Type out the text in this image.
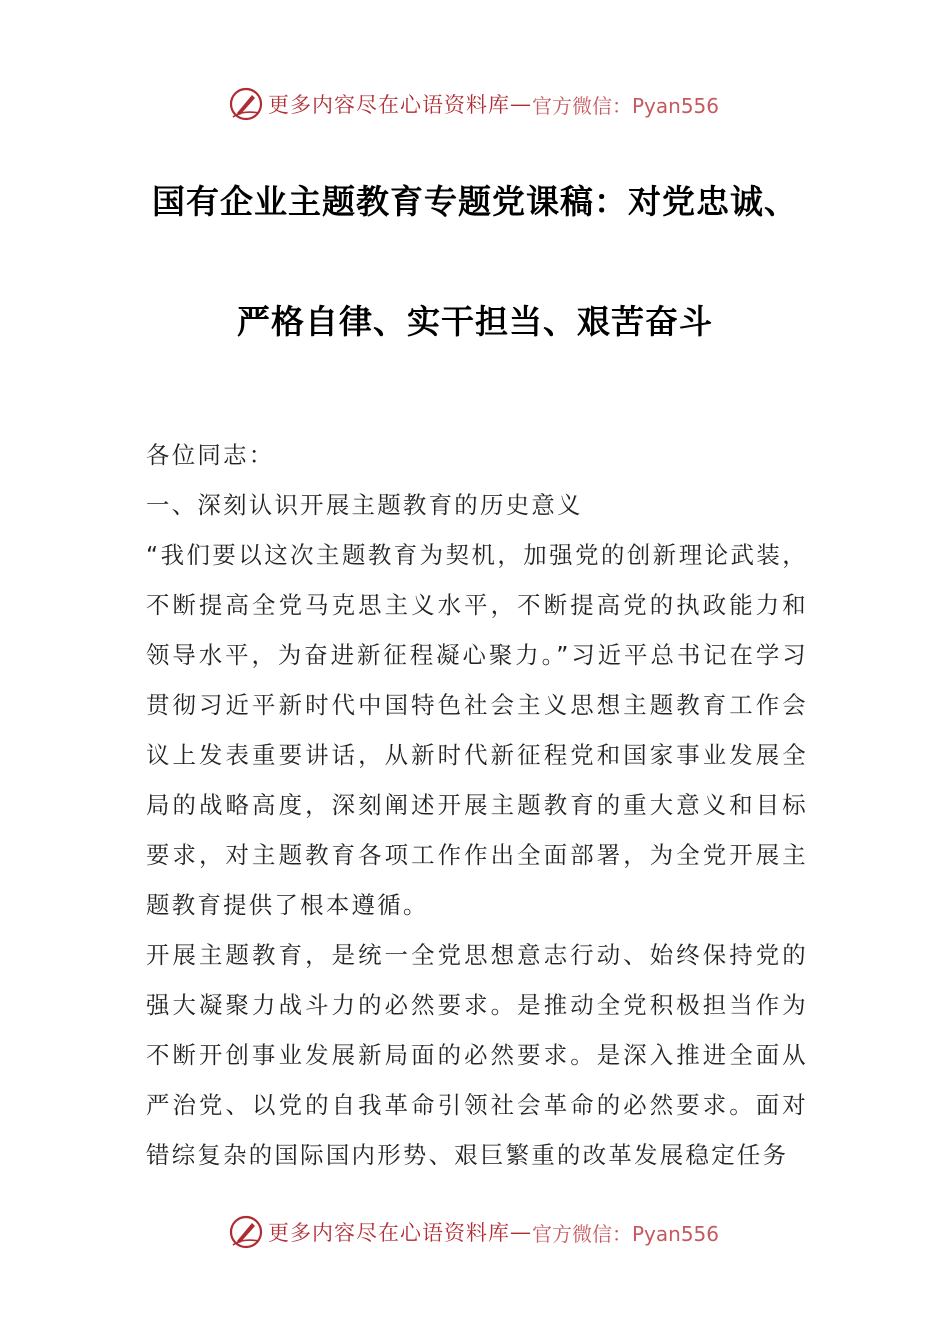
更多内容尽在心语资料库 — 官方微信：Pyan556
国有企业主题教育专题党课稿：对党忠诚、
严格自律、实干担当、艰苦奋斗

各位同志：

一、深刻认识开展主题教育的历史意义

“我们要以这次主题教育为契机，加强党的创新理论武装，不断提高全党马克思主义水平，不断提高党的执政能力和领导水平，为奋进新征程凝心聚力。”习近平总书记在学习贯彻习近平新时代中国特色社会主义思想主题教育工作会议上发表重要讲话，从新时代新征程党和国家事业发展全局的战略高度，深刻阐述开展主题教育的重大意义和目标要求，对主题教育各项工作作出全面部署，为全党开展主题教育提供了根本遵循。

开展主题教育，是统一全党思想意志行动、始终保持党的强大凝聚力战斗力的必然要求。是推动全党积极担当作为不断开创事业发展新局面的必然要求。是深入推进全面从严治党、以党的自我革命引领社会革命的必然要求。面对错综复杂的国际国内形势、艰巨繁重的改革发展稳定任务

更多内容尽在心语资料库 — 官方微信：Pyan556
